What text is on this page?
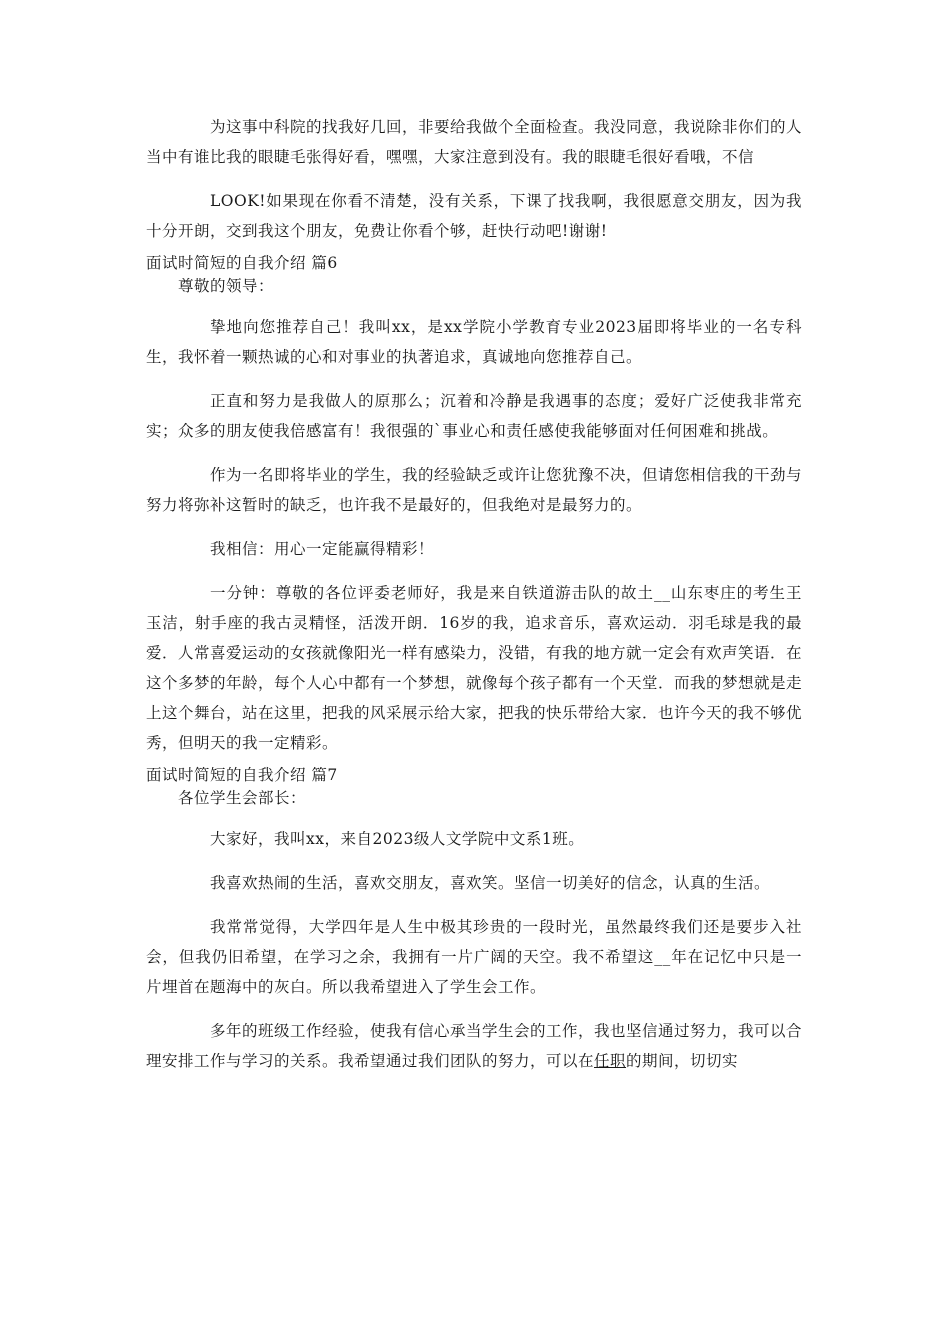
为这事中科院的找我好几回，非要给我做个全面检查。我没同意，我说除非你们的人当中有谁比我的眼睫毛张得好看，嘿嘿，大家注意到没有。我的眼睫毛很好看哦，不信

LOOK!如果现在你看不清楚，没有关系，下课了找我啊，我很愿意交朋友，因为我十分开朗，交到我这个朋友，免费让你看个够，赶快行动吧!谢谢!

面试时简短的自我介绍 篇6

尊敬的领导：

挚地向您推荐自己！我叫xx，是xx学院小学教育专业2023届即将毕业的一名专科生，我怀着一颗热诚的心和对事业的执著追求，真诚地向您推荐自己。

正直和努力是我做人的原那么；沉着和冷静是我遇事的态度；爱好广泛使我非常充实；众多的朋友使我倍感富有！我很强的`事业心和责任感使我能够面对任何困难和挑战。

作为一名即将毕业的学生，我的经验缺乏或许让您犹豫不决，但请您相信我的干劲与努力将弥补这暂时的缺乏，也许我不是最好的，但我绝对是最努力的。

我相信：用心一定能赢得精彩！

一分钟：尊敬的各位评委老师好，我是来自铁道游击队的故土__山东枣庄的考生王玉洁，射手座的我古灵精怪，活泼开朗．16岁的我，追求音乐，喜欢运动．羽毛球是我的最爱．人常喜爱运动的女孩就像阳光一样有感染力，没错，有我的地方就一定会有欢声笑语．在这个多梦的年龄，每个人心中都有一个梦想，就像每个孩子都有一个天堂．而我的梦想就是走上这个舞台，站在这里，把我的风采展示给大家，把我的快乐带给大家．也许今天的我不够优秀，但明天的我一定精彩。

面试时简短的自我介绍 篇7

各位学生会部长：

大家好，我叫xx，来自2023级人文学院中文系1班。

我喜欢热闹的生活，喜欢交朋友，喜欢笑。坚信一切美好的信念，认真的生活。

我常常觉得，大学四年是人生中极其珍贵的一段时光，虽然最终我们还是要步入社会，但我仍旧希望，在学习之余，我拥有一片广阔的天空。我不希望这__年在记忆中只是一片埋首在题海中的灰白。所以我希望进入了学生会工作。

多年的班级工作经验，使我有信心承当学生会的工作，我也坚信通过努力，我可以合理安排工作与学习的关系。我希望通过我们团队的努力，可以在任职的期间，切切实
